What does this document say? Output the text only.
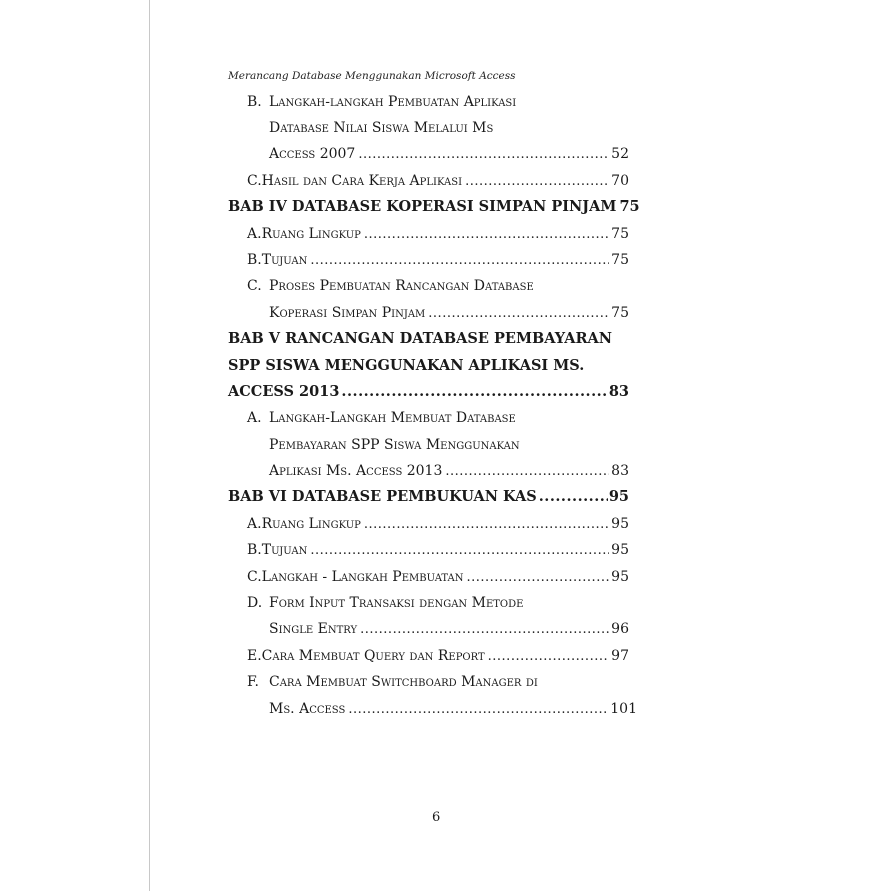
Merancang Database Menggunakan Microsoft Access
B. Langkah-langkah Pembuatan Aplikasi
Database Nilai Siswa Melalui Ms
Access 2007 .....	52
C. Hasil dan Cara Kerja Aplikasi .....	70
BAB IV DATABASE KOPERASI SIMPAN PINJAM 75
A. Ruang Lingkup .....	75
B. Tujuan .....	75
C. Proses Pembuatan Rancangan Database
Koperasi Simpan Pinjam .....	75
BAB V RANCANGAN DATABASE PEMBAYARAN
SPP SISWA MENGGUNAKAN APLIKASI MS.
ACCESS 2013 .....	83
A. Langkah-Langkah Membuat Database
Pembayaran SPP Siswa Menggunakan
Aplikasi Ms. Access 2013 .....	83
BAB VI DATABASE PEMBUKUAN KAS .....	95
A. Ruang Lingkup .....	95
B. Tujuan .....	95
C. Langkah - Langkah Pembuatan .....	95
D. Form Input Transaksi dengan Metode
Single Entry .....	96
E. Cara Membuat Query dan Report .....	97
F. Cara Membuat Switchboard Manager di
Ms. Access .....	101
6
